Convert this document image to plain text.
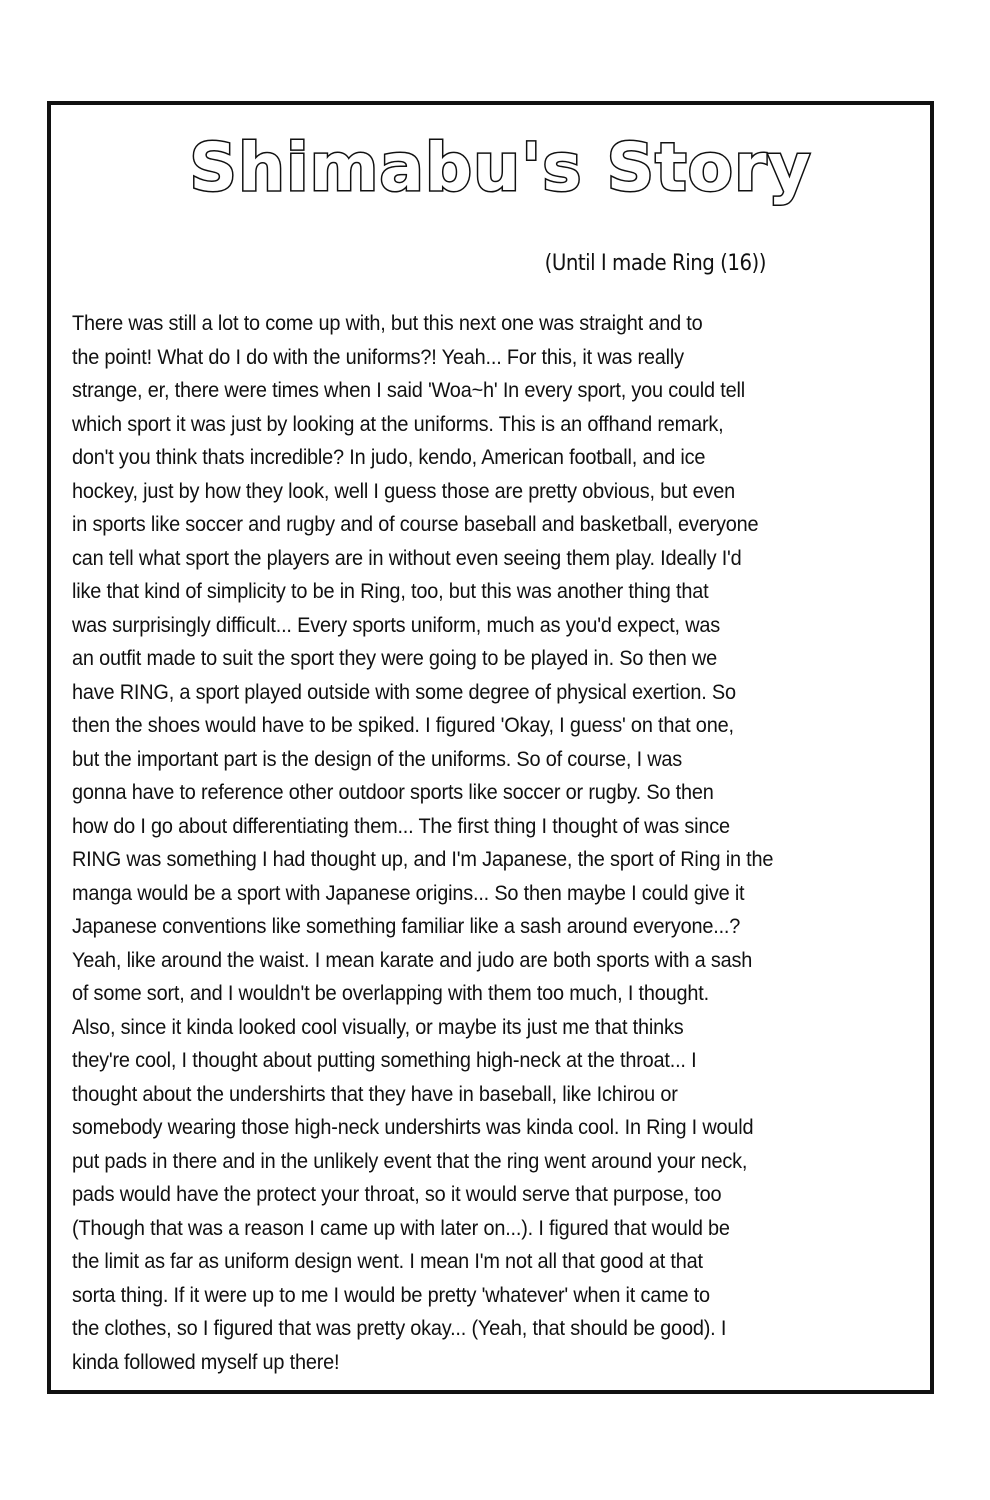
Shimabu's Story
(Until I made Ring (16))
There was still a lot to come up with, but this next one was straight and to
the point! What do I do with the uniforms?! Yeah... For this, it was really
strange, er, there were times when I said 'Woa~h' In every sport, you could tell
which sport it was just by looking at the uniforms. This is an offhand remark,
don't you think thats incredible? In judo, kendo, American football, and ice
hockey, just by how they look, well I guess those are pretty obvious, but even
in sports like soccer and rugby and of course baseball and basketball, everyone
can tell what sport the players are in without even seeing them play. Ideally I'd
like that kind of simplicity to be in Ring, too, but this was another thing that
was surprisingly difficult... Every sports uniform, much as you'd expect, was
an outfit made to suit the sport they were going to be played in. So then we
have RING, a sport played outside with some degree of physical exertion. So
then the shoes would have to be spiked. I figured 'Okay, I guess' on that one,
but the important part is the design of the uniforms. So of course, I was
gonna have to reference other outdoor sports like soccer or rugby. So then
how do I go about differentiating them... The first thing I thought of was since
RING was something I had thought up, and I'm Japanese, the sport of Ring in the
manga would be a sport with Japanese origins... So then maybe I could give it
Japanese conventions like something familiar like a sash around everyone...?
Yeah, like around the waist. I mean karate and judo are both sports with a sash
of some sort, and I wouldn't be overlapping with them too much, I thought.
Also, since it kinda looked cool visually, or maybe its just me that thinks
they're cool, I thought about putting something high-neck at the throat... I
thought about the undershirts that they have in baseball, like Ichirou or
somebody wearing those high-neck undershirts was kinda cool. In Ring I would
put pads in there and in the unlikely event that the ring went around your neck,
pads would have the protect your throat, so it would serve that purpose, too
(Though that was a reason I came up with later on...). I figured that would be
the limit as far as uniform design went. I mean I'm not all that good at that
sorta thing. If it were up to me I would be pretty 'whatever' when it came to
the clothes, so I figured that was pretty okay... (Yeah, that should be good). I
kinda followed myself up there!
